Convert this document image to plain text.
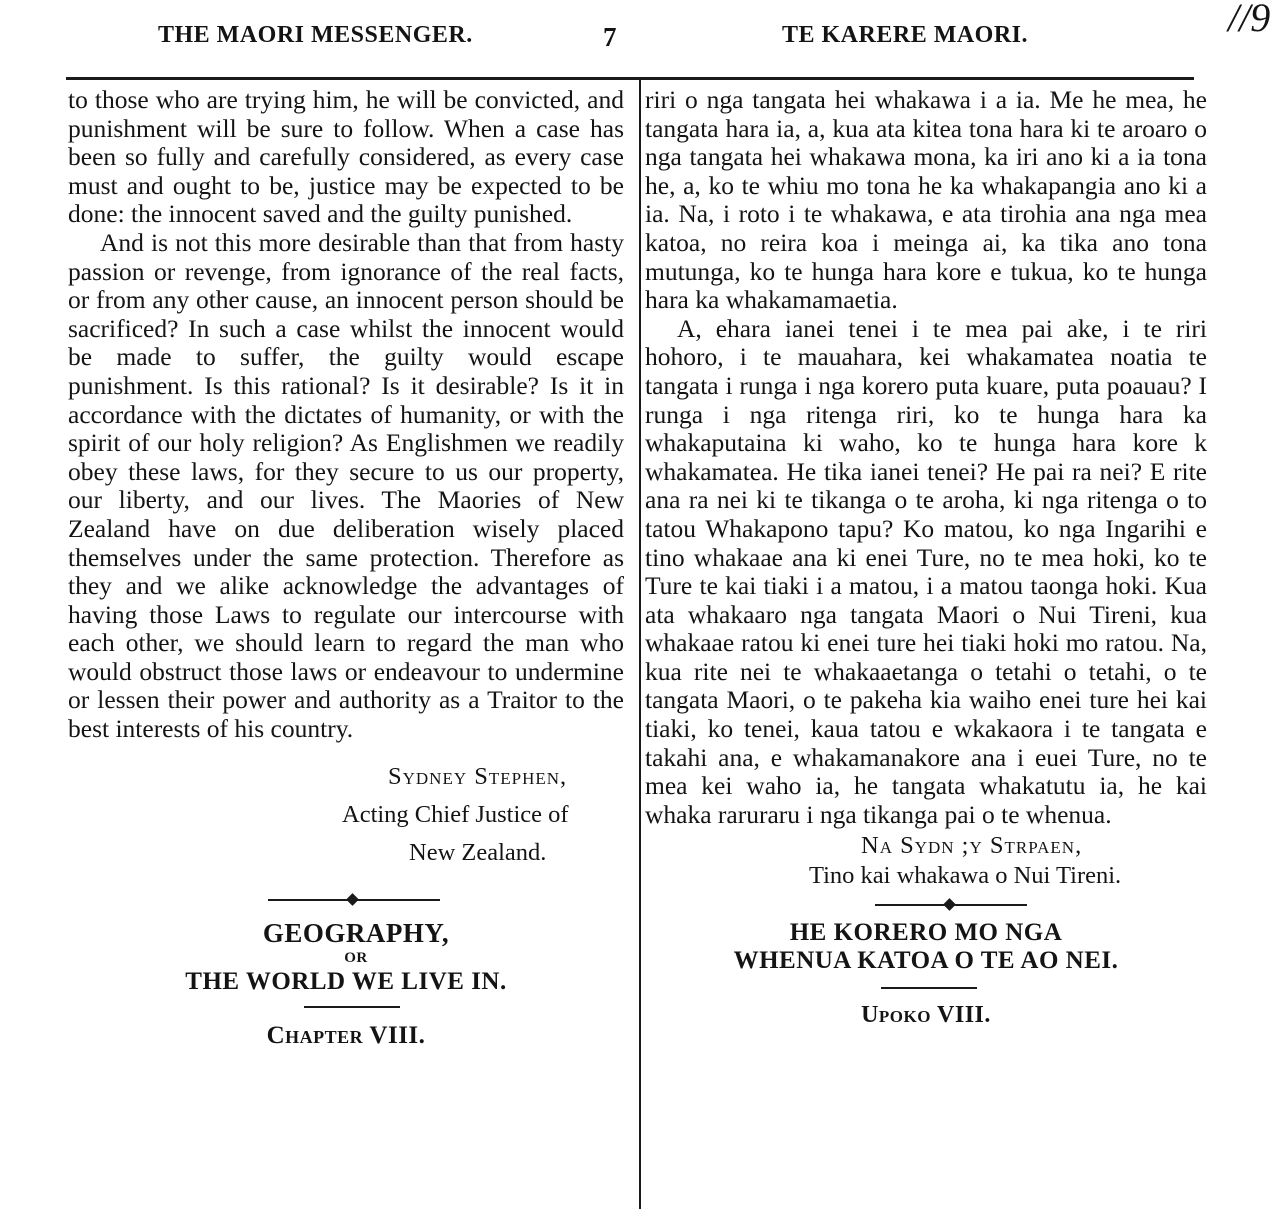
THE MAORI MESSENGER.	7	TE KARERE MAORI.	//9

to those who are trying him, he will be convicted, and punishment will be sure to follow. When a case has been so fully and carefully considered, as every case must and ought to be, justice may be expected to be done: the innocent saved and the guilty punished.

And is not this more desirable than that from hasty passion or revenge, from ignorance of the real facts, or from any other cause, an innocent person should be sacrificed? In such a case whilst the innocent would be made to suffer, the guilty would escape punishment. Is this rational? Is it desirable? Is it in accordance with the dictates of humanity, or with the spirit of our holy religion? As Englishmen we readily obey these laws, for they secure to us our property, our liberty, and our lives. The Maories of New Zealand have on due deliberation wisely placed themselves under the same protection. Therefore as they and we alike acknowledge the advantages of having those Laws to regulate our intercourse with each other, we should learn to regard the man who would obstruct those laws or endeavour to undermine or lessen their power and authority as a Traitor to the best interests of his country.

Sydney Stephen,
Acting Chief Justice of
New Zealand.
GEOGRAPHY,
OR
THE WORLD WE LIVE IN.
Chapter VIII.

riri o nga tangata hei whakawa i a ia. Me he mea, he tangata hara ia, a, kua ata kitea tona hara ki te aroaro o nga tangata hei whakawa mona, ka iri ano ki a ia tona he, a, ko te whiu mo tona he ka whakapangia ano ki a ia. Na, i roto i te whakawa, e ata tirohia ana nga mea katoa, no reira koa i meinga ai, ka tika ano tona mutunga, ko te hunga hara kore e tukua, ko te hunga hara ka whakamamaetia.

A, ehara ianei tenei i te mea pai ake, i te riri hohoro, i te mauahara, kei whakamatea noatia te tangata i runga i nga korero puta kuare, puta poauau? I runga i nga ritenga riri, ko te hunga hara ka whakaputaina ki waho, ko te hunga hara kore k whakamatea. He tika ianei tenei? He pai ra nei? E rite ana ra nei ki te tikanga o te aroha, ki nga ritenga o to tatou Whakapono tapu? Ko matou, ko nga Ingarihi e tino whakaae ana ki enei Ture, no te mea hoki, ko te Ture te kai tiaki i a matou, i a matou taonga hoki. Kua ata whakaaro nga tangata Maori o Nui Tireni, kua whakaae ratou ki enei ture hei tiaki hoki mo ratou. Na, kua rite nei te whakaaetanga o tetahi o tetahi, o te tangata Maori, o te pakeha kia waiho enei ture hei kai tiaki, ko tenei, kaua tatou e wkakaora i te tangata e takahi ana, e whakamanakore ana i euei Ture, no te mea kei waho ia, he tangata whakatutu ia, he kai whaka raruraru i nga tikanga pai o te whenua.

Na Sydn ;y Strpaen,
Tino kai whakawa o Nui Tireni.
HE KORERO MO NGA
WHENUA KATOA O TE AO NEI.
Upoko VIII.
